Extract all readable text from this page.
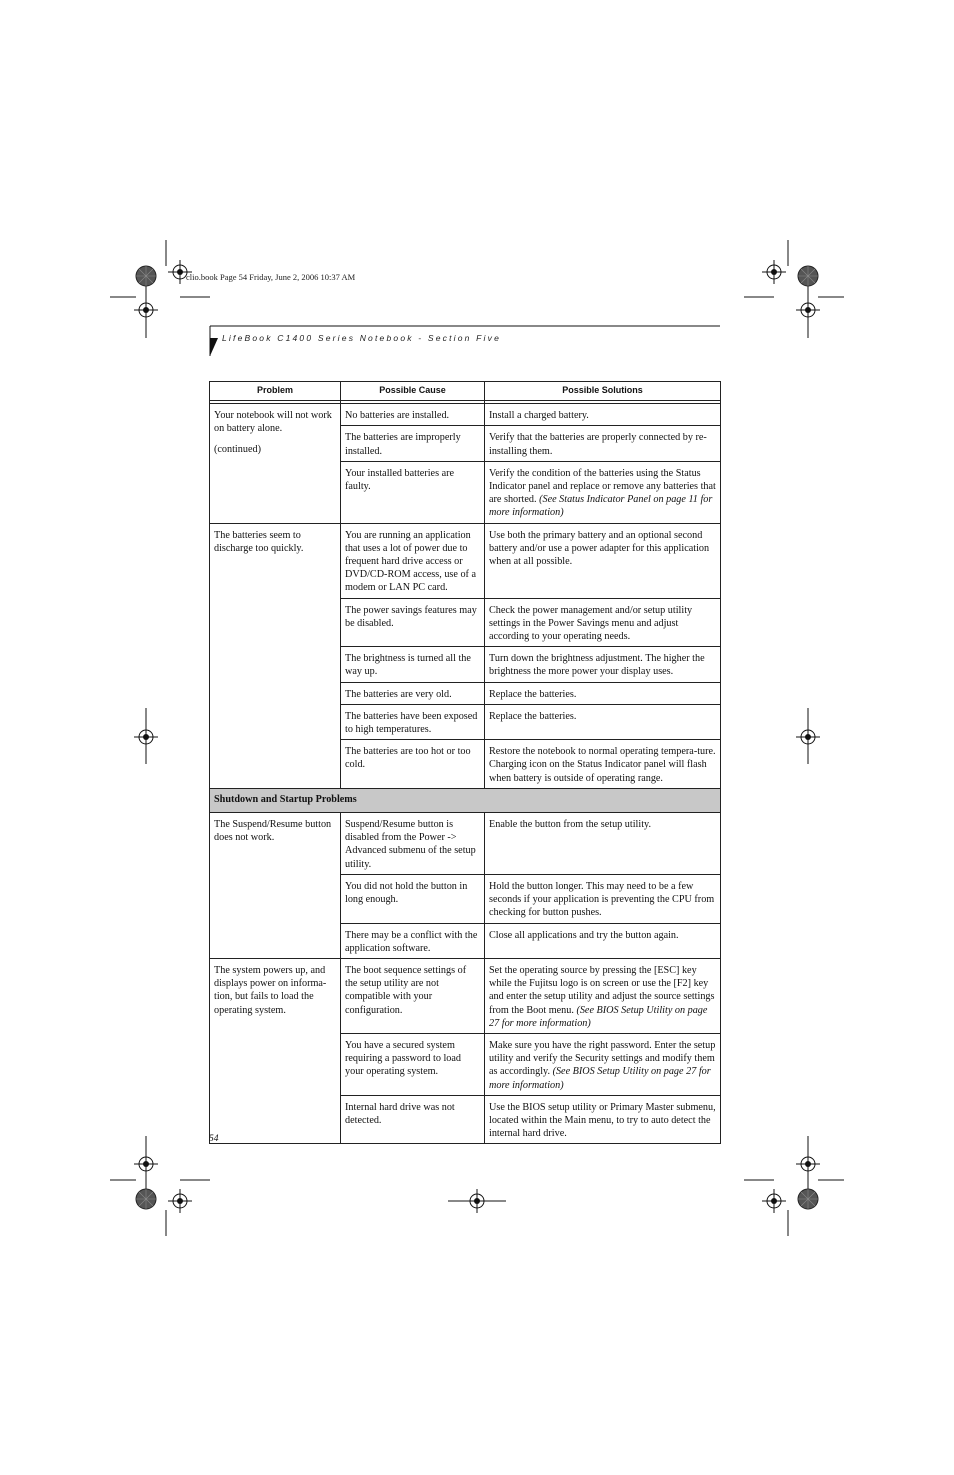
clio.book Page 54 Friday, June 2, 2006 10:37 AM
LifeBook C1400 Series Notebook - Section Five
Problem	Possible Cause	Possible Solutions

Your notebook will not work on battery alone.

(continued)	No batteries are installed.	Install a charged battery.
	The batteries are improperly installed.	Verify that the batteries are properly connected by re-installing them.
	Your installed batteries are faulty.	Verify the condition of the batteries using the Status Indicator panel and replace or remove any batteries that are shorted. (See Status Indicator Panel on page 11 for more information)
The batteries seem to discharge too quickly.	You are running an application that uses a lot of power due to frequent hard drive access or DVD/CD-ROM access, use of a modem or LAN PC card.	Use both the primary battery and an optional second battery and/or use a power adapter for this application when at all possible.
	The power savings features may be disabled.	Check the power management and/or setup utility settings in the Power Savings menu and adjust according to your operating needs.
	The brightness is turned all the way up.	Turn down the brightness adjustment. The higher the brightness the more power your display uses.
	The batteries are very old.	Replace the batteries.
	The batteries have been exposed to high temperatures.	Replace the batteries.
	The batteries are too hot or too cold.	Restore the notebook to normal operating tempera-ture. Charging icon on the Status Indicator panel will flash when battery is outside of operating range.
Shutdown and Startup Problems		
The Suspend/Resume button does not work.	Suspend/Resume button is disabled from the Power -> Advanced submenu of the setup utility.	Enable the button from the setup utility.
	You did not hold the button in long enough.	Hold the button longer. This may need to be a few seconds if your application is preventing the CPU from checking for button pushes.
	There may be a conflict with the application software.	Close all applications and try the button again.
The system powers up, and displays power on informa-tion, but fails to load the operating system.	The boot sequence settings of the setup utility are not compatible with your configuration.	Set the operating source by pressing the [ESC] key while the Fujitsu logo is on screen or use the [F2] key and enter the setup utility and adjust the source settings from the Boot menu. (See BIOS Setup Utility on page 27 for more information)
	You have a secured system requiring a password to load your operating system.	Make sure you have the right password. Enter the setup utility and verify the Security settings and modify them as accordingly. (See BIOS Setup Utility on page 27 for more information)
	Internal hard drive was not detected.	Use the BIOS setup utility or Primary Master submenu, located within the Main menu, to try to auto detect the internal hard drive.
54
